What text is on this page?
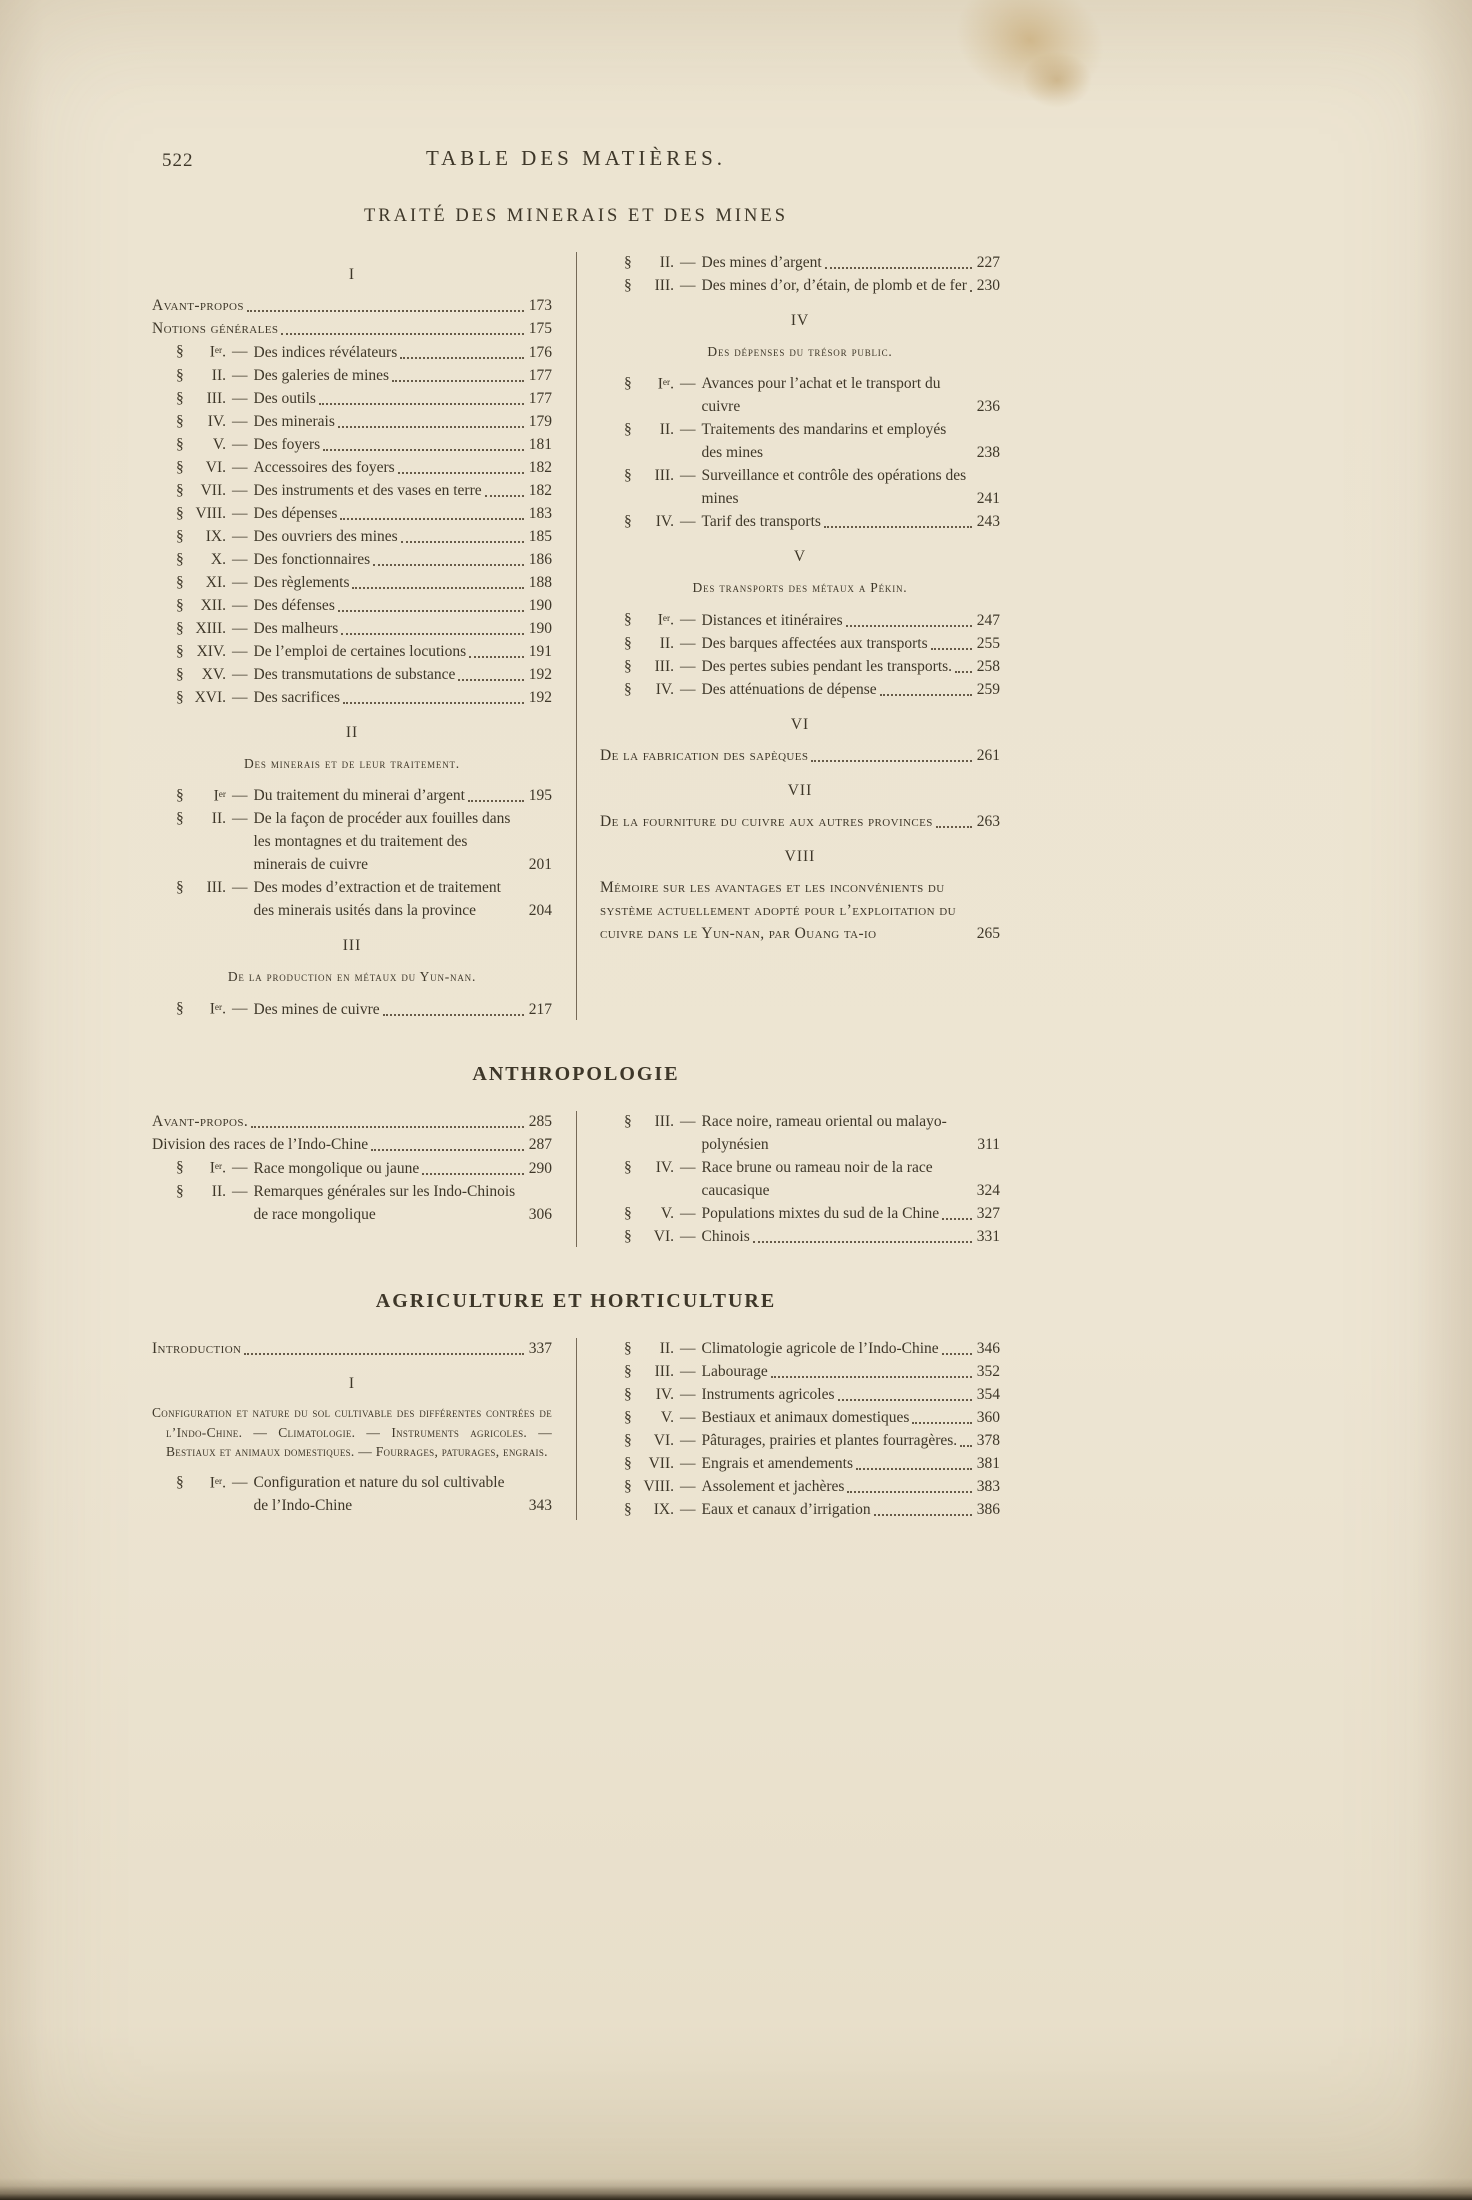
522	TABLE DES MATIÈRES.
TRAITÉ DES MINERAIS ET DES MINES
I
Avant-propos	173
Notions générales	175
§	Ier. — Des indices révélateurs	176
§	II. — Des galeries de mines	177
§	III. — Des outils	177
§	IV. — Des minerais	179
§	V. — Des foyers	181
§	VI. — Accessoires des foyers	182
§	VII. — Des instruments et des vases en terre	182
§ VIII. — Des dépenses	183
§	IX. — Des ouvriers des mines	185
§	X. — Des fonctionnaires	186
§	XI. — Des règlements	188
§	XII. — Des défenses	190
§ XIII. — Des malheurs	190
§ XIV. — De l’emploi de certaines locutions	191
§	XV. — Des transmutations de substance	192
§ XVI. — Des sacrifices	192
II
Des minerais et de leur traitement.
§	Ier — Du traitement du minerai d’argent	195
§	II. — De la façon de procéder aux fouilles dans les montagnes et du traitement des minerais de cuivre	201
§	III. — Des modes d’extraction et de traitement des minerais usités dans la province	204
III
De la production en métaux du Yun-nan.
§	Ier. — Des mines de cuivre	217
§	II. — Des mines d’argent	227
§	III. — Des mines d’or, d’étain, de plomb et de fer 230
IV
Des dépenses du trésor public.
§	Ier. — Avances pour l’achat et le transport du cuivre	236
§	II. — Traitements des mandarins et employés des mines	238
§	III. — Surveillance et contrôle des opérations des mines	241
§	IV. — Tarif des transports	243
V
Des transports des métaux a Pékin.
§	Ier. — Distances et itinéraires	247
§	II. — Des barques affectées aux transports	255
§	III. — Des pertes subies pendant les transports. 258
§	IV. — Des atténuations de dépense	259
VI
De la fabrication des sapèques	261
VII
De la fourniture du cuivre aux autres provinces	263
VIII
Mémoire sur les avantages et les inconvénients du système actuellement adopté pour l’exploitation du cuivre dans le Yun-nan, par Ouang ta-io	265
ANTHROPOLOGIE
Avant-propos.	285
Division des races de l’Indo-Chine	287
§	Ier. — Race mongolique ou jaune	290
§	II. — Remarques générales sur les Indo-Chinois de race mongolique	306
§	III. — Race noire, rameau oriental ou malayo-polynésien	311
§	IV. — Race brune ou rameau noir de la race caucasique	324
§	V. — Populations mixtes du sud de la Chine 327
§	VI. — Chinois	331
AGRICULTURE ET HORTICULTURE
Introduction	337
I
Configuration et nature du sol cultivable des différentes contrées de l’Indo-Chine. — Climatologie. — Instruments agricoles. — Bestiaux et animaux domestiques. — Fourrages, paturages, engrais.
§	Ier. — Configuration et nature du sol cultivable de l’Indo-Chine	343
§	II. — Climatologie agricole de l’Indo-Chine 346
§	III. — Labourage	352
§	IV. — Instruments agricoles	354
§	V. — Bestiaux et animaux domestiques	360
§	VI. — Pâturages, prairies et plantes fourragères. 378
§	VII. — Engrais et amendements	381
§ VIII. — Assolement et jachères	383
§	IX. — Eaux et canaux d’irrigation	386
